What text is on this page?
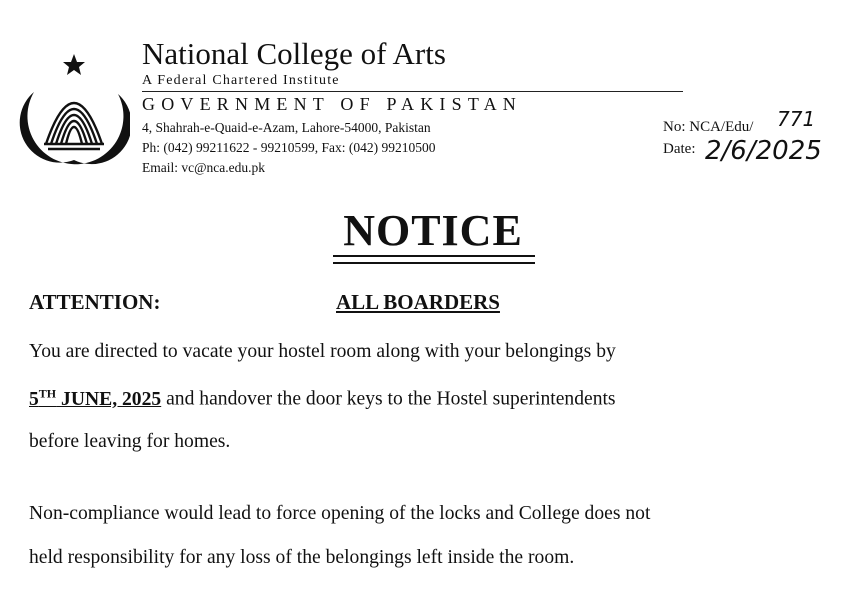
National College of Arts
A Federal Chartered Institute
GOVERNMENT OF PAKISTAN
4, Shahrah-e-Quaid-e-Azam, Lahore-54000, Pakistan
Ph: (042) 99211622 - 99210599, Fax: (042) 99210500
Email: vc@nca.edu.pk
No: NCA/Edu/ 771
Date: 2/6/2025
NOTICE
ATTENTION:	ALL BOARDERS
You are directed to vacate your hostel room along with your belongings by
5TH JUNE, 2025 and handover the door keys to the Hostel superintendents
before leaving for homes.
Non-compliance would lead to force opening of the locks and College does not
held responsibility for any loss of the belongings left inside the room.
